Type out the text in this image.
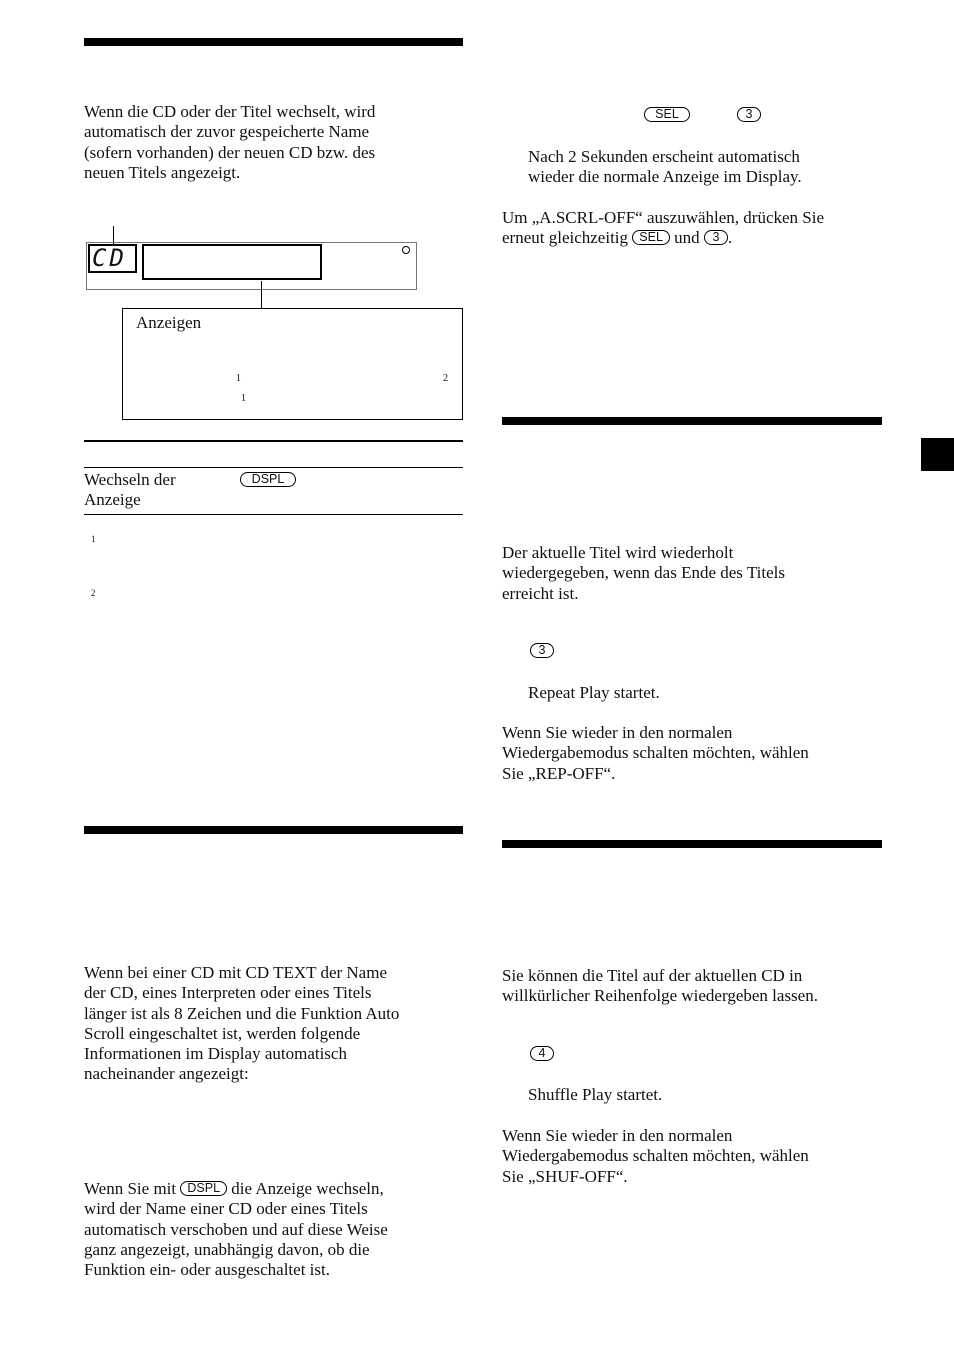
Wenn die CD oder der Titel wechselt, wird
automatisch der zuvor gespeicherte Name
(sofern vorhanden) der neuen CD bzw. des
neuen Titels angezeigt.
CD
Anzeigen
1	2
1
Wechseln der
Anzeige
DSPL
1
2
Wenn bei einer CD mit CD TEXT der Name
der CD, eines Interpreten oder eines Titels
länger ist als 8 Zeichen und die Funktion Auto
Scroll eingeschaltet ist, werden folgende
Informationen im Display automatisch
nacheinander angezeigt:
Wenn Sie mit DSPL die Anzeige wechseln,
wird der Name einer CD oder eines Titels
automatisch verschoben und auf diese Weise
ganz angezeigt, unabhängig davon, ob die
Funktion ein- oder ausgeschaltet ist.
SEL	3
Nach 2 Sekunden erscheint automatisch
wieder die normale Anzeige im Display.
Um „A.SCRL-OFF“ auszuwählen, drücken Sie
erneut gleichzeitig SEL und 3 .
Der aktuelle Titel wird wiederholt
wiedergegeben, wenn das Ende des Titels
erreicht ist.
3
Repeat Play startet.
Wenn Sie wieder in den normalen
Wiedergabemodus schalten möchten, wählen
Sie „REP-OFF“.
Sie können die Titel auf der aktuellen CD in
willkürlicher Reihenfolge wiedergeben lassen.
4
Shuffle Play startet.
Wenn Sie wieder in den normalen
Wiedergabemodus schalten möchten, wählen
Sie „SHUF-OFF“.
